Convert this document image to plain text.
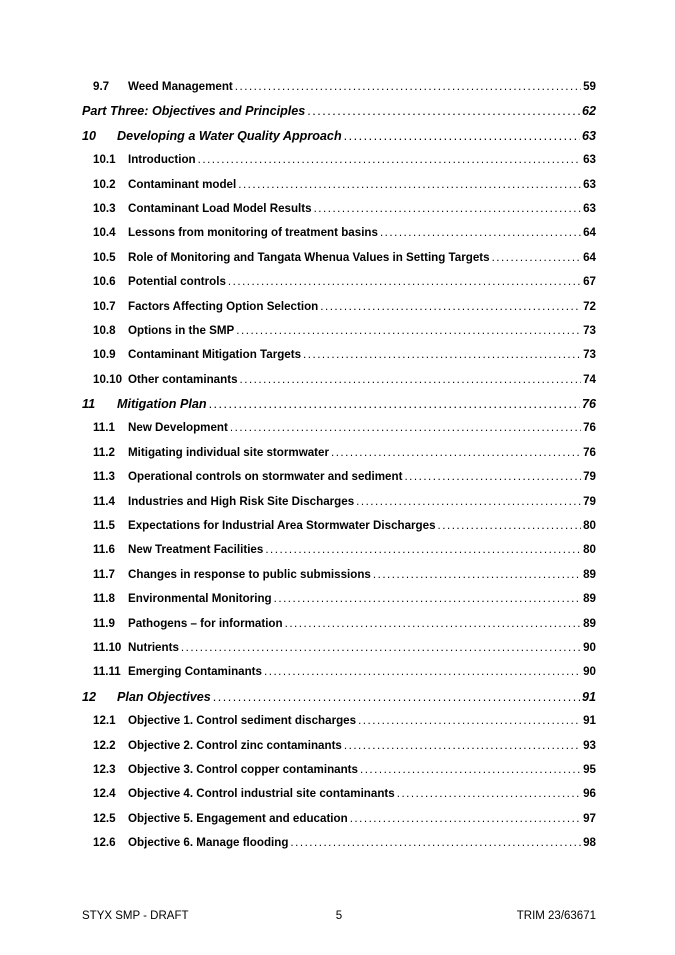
9.7	Weed Management .....	59
Part Three: Objectives and Principles .....	62
10	Developing a Water Quality Approach .....	63
10.1	Introduction .....	63
10.2	Contaminant model .....	63
10.3	Contaminant Load Model Results .....	63
10.4	Lessons from monitoring of treatment basins .....	64
10.5	Role of Monitoring and Tangata Whenua Values in Setting Targets .....	64
10.6	Potential controls .....	67
10.7	Factors Affecting Option Selection .....	72
10.8	Options in the SMP .....	73
10.9	Contaminant Mitigation Targets .....	73
10.10 Other contaminants .....	74
11	Mitigation Plan .....	76
11.1	New Development .....	76
11.2	Mitigating individual site stormwater .....	76
11.3	Operational controls on stormwater and sediment .....	79
11.4	Industries and High Risk Site Discharges .....	79
11.5	Expectations for Industrial Area Stormwater Discharges .....	80
11.6	New Treatment Facilities .....	80
11.7	Changes in response to public submissions .....	89
11.8	Environmental Monitoring .....	89
11.9	Pathogens – for information .....	89
11.10 Nutrients .....	90
11.11 Emerging Contaminants .....	90
12	Plan Objectives .....	91
12.1	Objective 1. Control sediment discharges .....	91
12.2	Objective 2. Control zinc contaminants .....	93
12.3	Objective 3. Control copper contaminants .....	95
12.4	Objective 4. Control industrial site contaminants .....	96
12.5	Objective 5. Engagement and education .....	97
12.6	Objective 6. Manage flooding .....	98
STYX SMP - DRAFT	5	TRIM 23/63671
